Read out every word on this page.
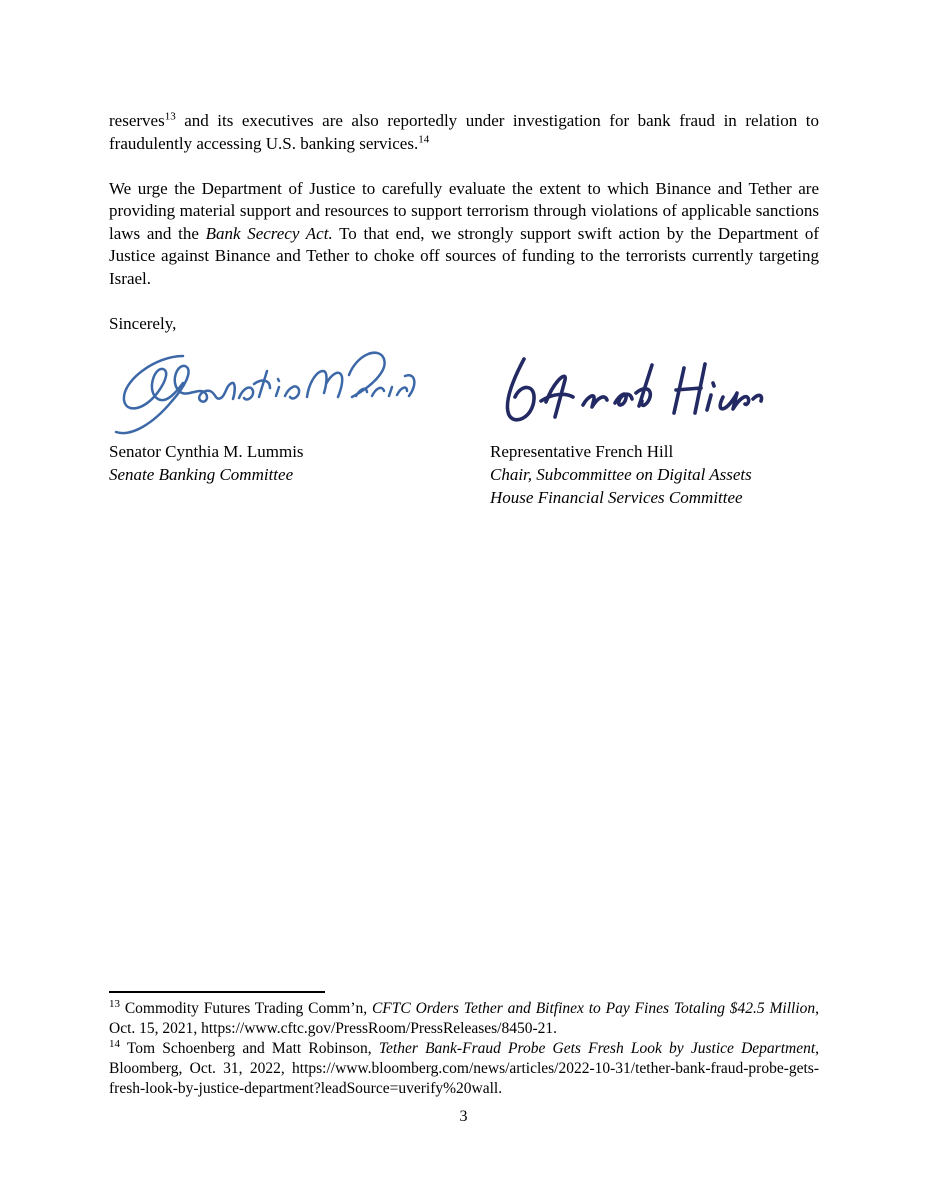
reserves$^{13}$ and its executives are also reportedly under investigation for bank fraud in relation to fraudulently accessing U.S. banking services.$^{14}$

We urge the Department of Justice to carefully evaluate the extent to which Binance and Tether are providing material support and resources to support terrorism through violations of applicable sanctions laws and the Bank Secrecy Act. To that end, we strongly support swift action by the Department of Justice against Binance and Tether to choke off sources of funding to the terrorists currently targeting Israel.

Sincerely,

Senator Cynthia M. Lummis
Senate Banking Committee
Representative French Hill
Chair, Subcommittee on Digital Assets
House Financial Services Committee

$^{13}$ Commodity Futures Trading Comm’n, CFTC Orders Tether and Bitfinex to Pay Fines Totaling $42.5 Million, Oct. 15, 2021, https://www.cftc.gov/PressRoom/PressReleases/8450-21.

$^{14}$ Tom Schoenberg and Matt Robinson, Tether Bank-Fraud Probe Gets Fresh Look by Justice Department, Bloomberg, Oct. 31, 2022, https://www.bloomberg.com/news/articles/2022-10-31/tether-bank-fraud-probe-gets-fresh-look-by-justice-department?leadSource=uverify%20wall.

3
